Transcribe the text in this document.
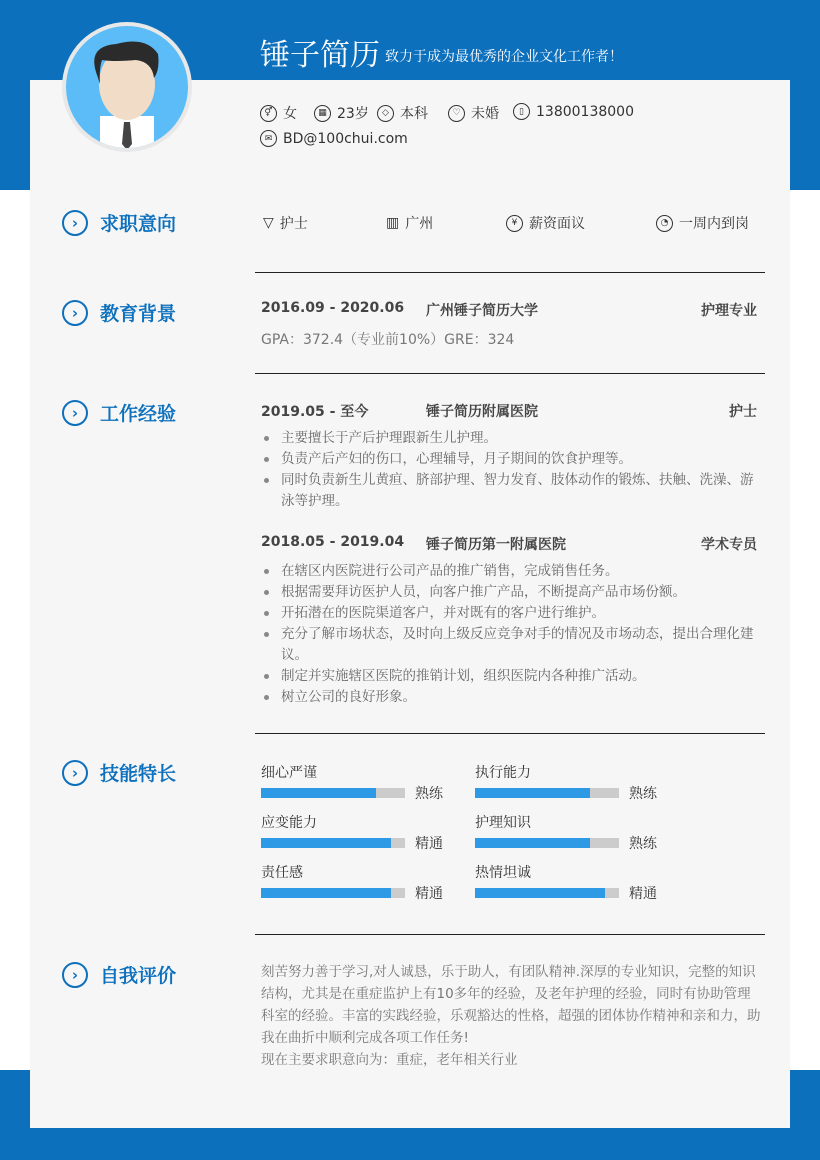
锤子简历 致力于成为最优秀的企业文化工作者！
⚥ 女	▦ 23岁	◇ 本科	♡ 未婚	▯ 13800138000
✉ BD@100chui.com
›	求职意向
›	教育背景
›	工作经验
›	技能特长
›	自我评价
▽ 护士	▥ 广州	¥ 薪资面议	◔ 一周内到岗
2016.09 - 2020.06 广州锤子简历大学	护理专业
GPA：372.4（专业前10%）GRE：324
2019.05 - 至今	锤子简历附属医院	护士
主要擅长于产后护理跟新生儿护理。
负责产后产妇的伤口，心理辅导，月子期间的饮食护理等。
同时负责新生儿黄疸、脐部护理、智力发育、肢体动作的锻炼、扶触、洗澡、游泳等护理。
2018.05 - 2019.04 锤子简历第一附属医院	学术专员
在辖区内医院进行公司产品的推广销售，完成销售任务。
根据需要拜访医护人员，向客户推广产品，不断提高产品市场份额。
开拓潜在的医院渠道客户，并对既有的客户进行维护。
充分了解市场状态，及时向上级反应竞争对手的情况及市场动态，提出合理化建议。
制定并实施辖区医院的推销计划，组织医院内各种推广活动。
树立公司的良好形象。
细心严谨
熟练
执行能力
熟练
应变能力
精通
护理知识
熟练
责任感
精通
热情坦诚
精通
刻苦努力善于学习,对人诚恳，乐于助人，有团队精神.深厚的专业知识，完整的知识结构，尤其是在重症监护上有10多年的经验，及老年护理的经验，同时有协助管理科室的经验。丰富的实践经验，乐观豁达的性格，超强的团体协作精神和亲和力，助我在曲折中顺利完成各项工作任务!
现在主要求职意向为：重症，老年相关行业
